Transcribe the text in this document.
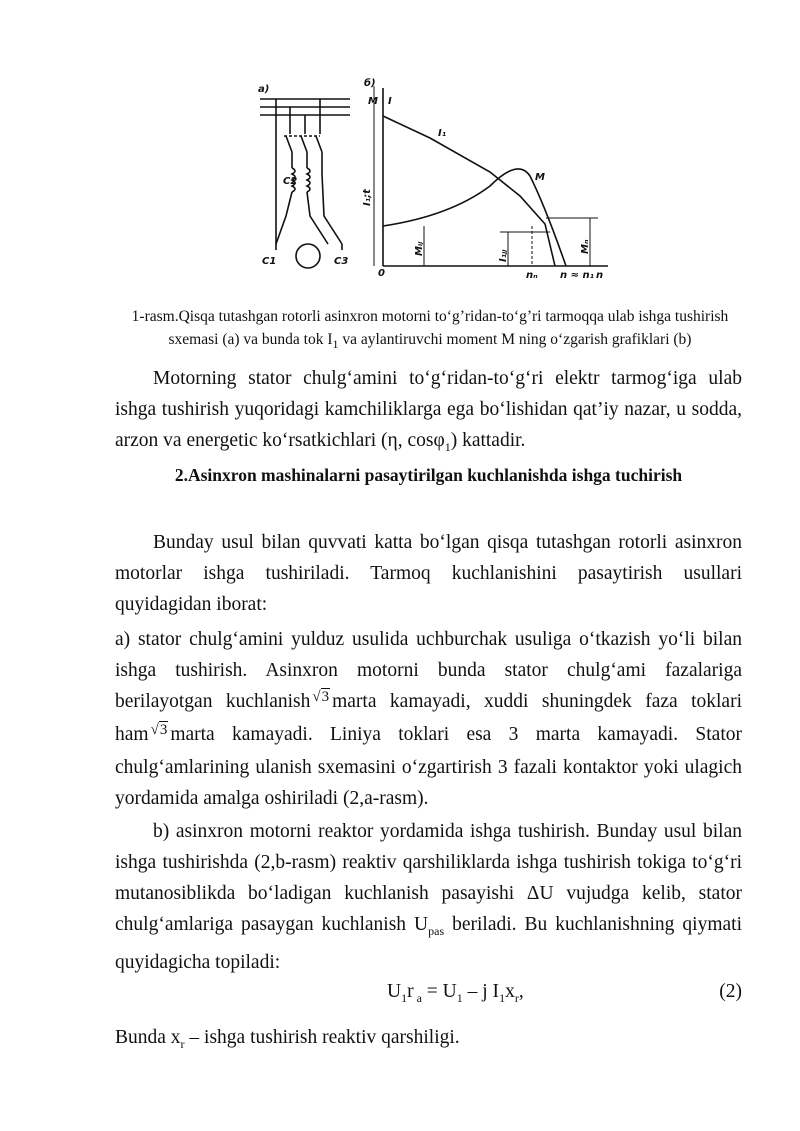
a)
б)
C2
C1	C3
M I
I₁;t
0
I₁
M
Mᵢⱼ	I₁ⱼⱼ
Mₙ
nₙ n ≈ n₁ n
1-rasm.Qisqa tutashgan rotorli asinxron motorni to‘g’ridan-to‘g’ri tarmoqqa ulab ishga tushirish
sxemasi (a) va bunda tok $I_1$ va aylantiruvchi moment M ning o‘zgarish grafiklari (b)
Motorning stator chulg‘amini to‘g‘ridan-to‘g‘ri elektr tarmog‘iga ulab ishga tushirish yuqoridagi kamchiliklarga ega bo‘lishidan qat’iy nazar, u sodda, arzon va energetic ko‘rsatkichlari (η, cosφ$_1$) kattadir.
2.Asinxron mashinalarni pasaytirilgan kuchlanishda ishga tuchirish
Bunday usul bilan quvvati katta bo‘lgan qisqa tutashgan rotorli asinxron motorlar ishga tushiriladi. Tarmoq kuchlanishini pasaytirish usullari quyidagidan iborat:
a) stator chulg‘amini yulduz usulida uchburchak usuliga o‘tkazish yo‘li bilan ishga tushirish. Asinxron motorni bunda stator chulg‘ami fazalariga berilayotgan kuchlanish $^{√3}$ marta kamayadi, xuddi shuningdek faza toklari ham $^{√3}$ marta kamayadi. Liniya toklari esa 3 marta kamayadi. Stator chulg‘amlarining ulanish sxemasini o‘zgartirish 3 fazali kontaktor yoki ulagich yordamida amalga oshiriladi (2,a-rasm).
b) asinxron motorni reaktor yordamida ishga tushirish. Bunday usul bilan ishga tushirishda (2,b-rasm) reaktiv qarshiliklarda ishga tushirish tokiga to‘g‘ri mutanosiblikda bo‘ladigan kuchlanish pasayishi ΔU vujudga kelib, stator chulg‘amlariga pasaygan kuchlanish $U_{pas}$ beriladi. Bu kuchlanishning qiymati quyidagicha topiladi:
$U_1r$ $_a = U_1 - j$ $I_1x_r$,	(2)
Bunda $x_r$ – ishga tushirish reaktiv qarshiligi.
